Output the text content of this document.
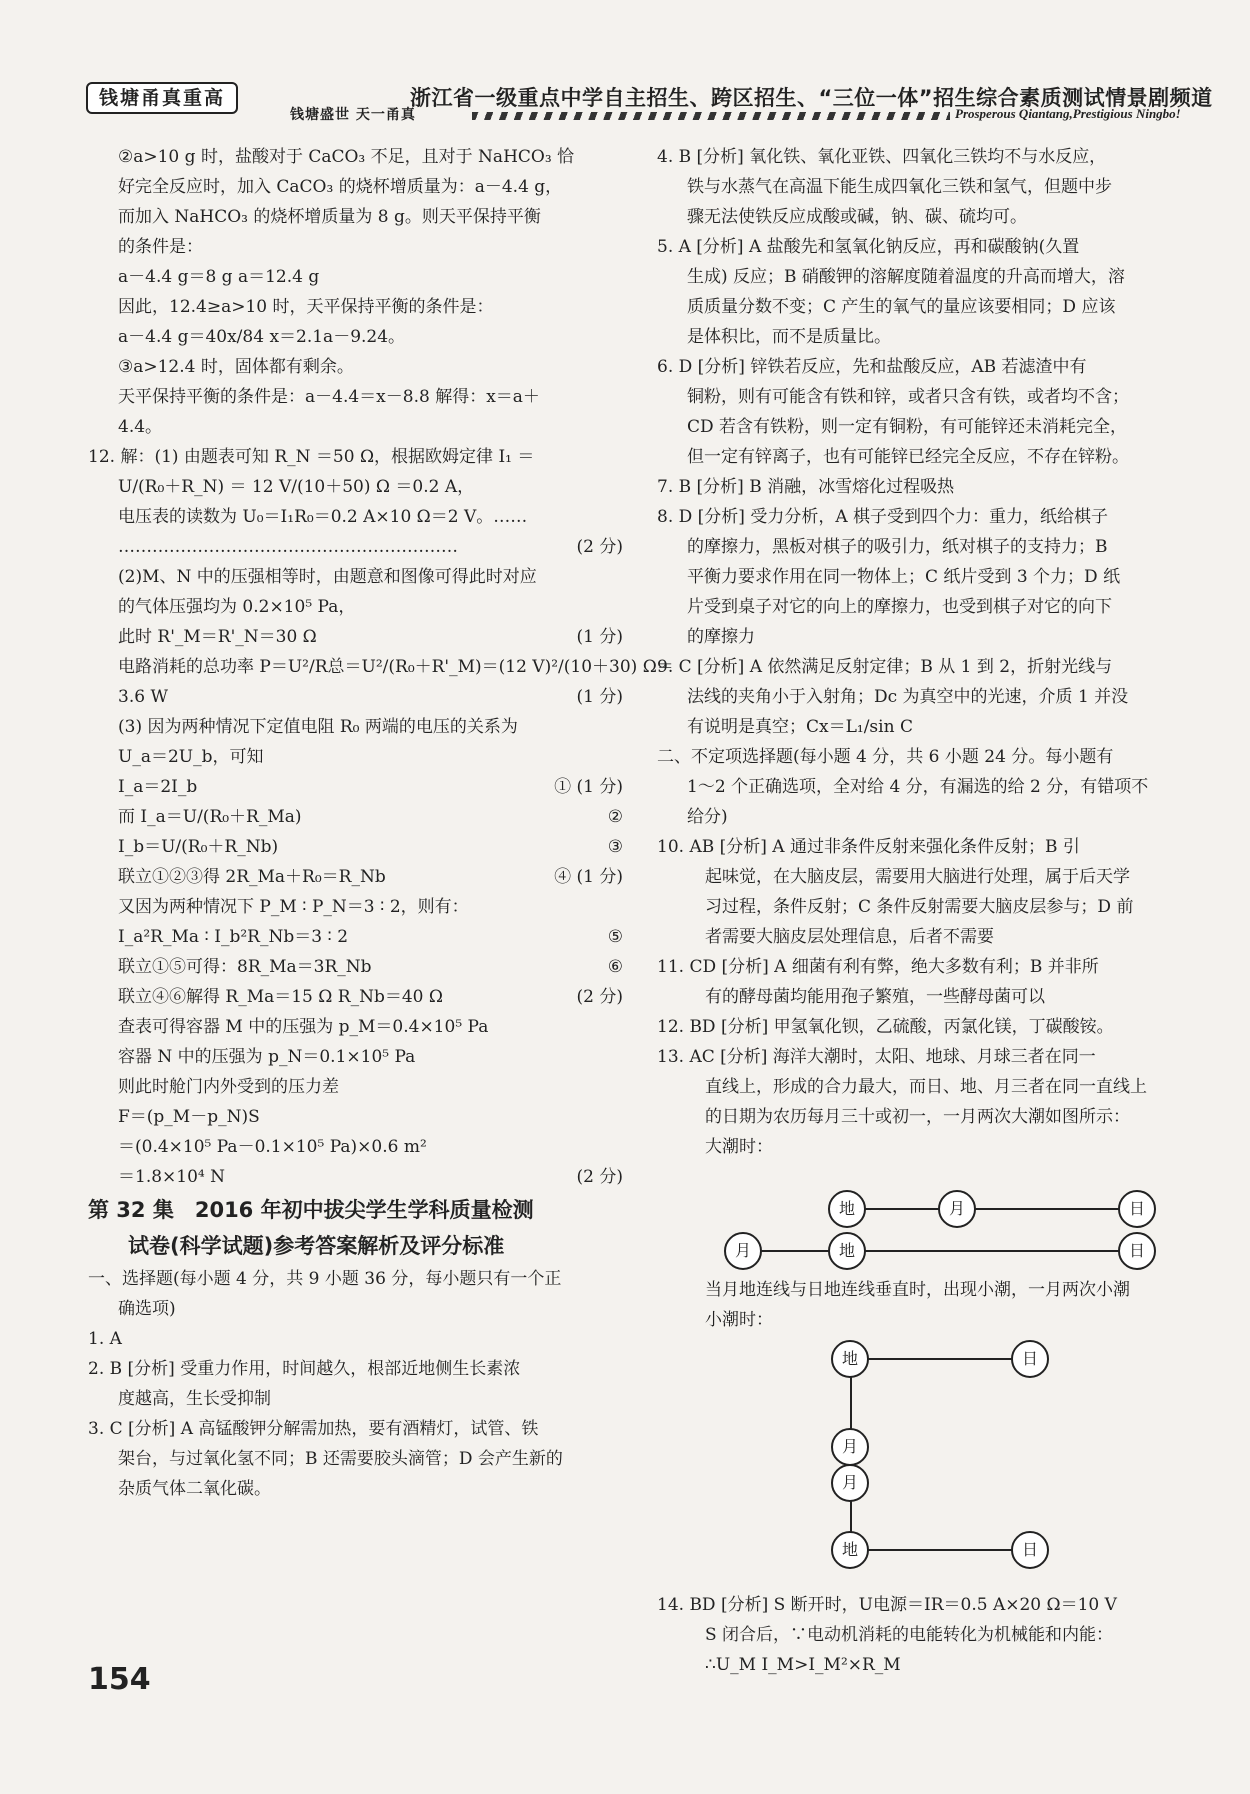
钱塘甬真重高	浙江省一级重点中学自主招生、跨区招生、“三位一体”招生综合素质测试情景剧频道
钱塘盛世 天一甬真	Prosperous Qiantang,Prestigious Ningbo!
②a>10 g 时，盐酸对于 CaCO₃ 不足，且对于 NaHCO₃ 恰
好完全反应时，加入 CaCO₃ 的烧杯增质量为：a－4.4 g，
而加入 NaHCO₃ 的烧杯增质量为 8 g。则天平保持平衡
的条件是：
a－4.4 g＝8 g a＝12.4 g
因此，12.4≥a>10 时，天平保持平衡的条件是：
a－4.4 g＝40x/84 x＝2.1a－9.24。
③a>12.4 时，固体都有剩余。
天平保持平衡的条件是：a－4.4＝x－8.8 解得：x＝a＋
4.4。
12. 解：(1) 由题表可知 R_N ＝50 Ω，根据欧姆定律 I₁ ＝
U/(R₀＋R_N) ＝ 12 V/(10＋50) Ω ＝0.2 A，
电压表的读数为 U₀＝I₁R₀＝0.2 A×10 Ω＝2 V。……
……………………………………………………	(2 分)
(2)M、N 中的压强相等时，由题意和图像可得此时对应
的气体压强均为 0.2×10⁵ Pa，
此时 R'_M＝R'_N＝30 Ω	(1 分)
电路消耗的总功率 P＝U²/R总＝U²/(R₀＋R'_M)＝(12 V)²/(10＋30) Ω＝
3.6 W	(1 分)
(3) 因为两种情况下定值电阻 R₀ 两端的电压的关系为
U_a＝2U_b，可知
I_a＝2I_b	① (1 分)
而 I_a＝U/(R₀＋R_Ma)	②
I_b＝U/(R₀＋R_Nb)	③
联立①②③得 2R_Ma＋R₀＝R_Nb	④ (1 分)
又因为两种情况下 P_M ∶ P_N＝3 ∶ 2，则有：
I_a²R_Ma ∶ I_b²R_Nb＝3 ∶ 2	⑤
联立①⑤可得：8R_Ma＝3R_Nb	⑥
联立④⑥解得 R_Ma＝15 Ω R_Nb＝40 Ω	(2 分)
查表可得容器 M 中的压强为 p_M＝0.4×10⁵ Pa
容器 N 中的压强为 p_N＝0.1×10⁵ Pa
则此时舱门内外受到的压力差
F＝(p_M－p_N)S
＝(0.4×10⁵ Pa－0.1×10⁵ Pa)×0.6 m²
＝1.8×10⁴ N	(2 分)
第 32 集　2016 年初中拔尖学生学科质量检测
试卷(科学试题)参考答案解析及评分标准
一、选择题(每小题 4 分，共 9 小题 36 分，每小题只有一个正
确选项)
1. A
2. B [分析] 受重力作用，时间越久，根部近地侧生长素浓
度越高，生长受抑制
3. C [分析] A 高锰酸钾分解需加热，要有酒精灯，试管、铁
架台，与过氧化氢不同；B 还需要胶头滴管；D 会产生新的
杂质气体二氧化碳。
4. B [分析] 氧化铁、氧化亚铁、四氧化三铁均不与水反应，
铁与水蒸气在高温下能生成四氧化三铁和氢气，但题中步
骤无法使铁反应成酸或碱，钠、碳、硫均可。
5. A [分析] A 盐酸先和氢氧化钠反应，再和碳酸钠(久置
生成) 反应；B 硝酸钾的溶解度随着温度的升高而增大，溶
质质量分数不变；C 产生的氧气的量应该要相同；D 应该
是体积比，而不是质量比。
6. D [分析] 锌铁若反应，先和盐酸反应，AB 若滤渣中有
铜粉，则有可能含有铁和锌，或者只含有铁，或者均不含；
CD 若含有铁粉，则一定有铜粉，有可能锌还未消耗完全，
但一定有锌离子，也有可能锌已经完全反应，不存在锌粉。
7. B [分析] B 消融，冰雪熔化过程吸热
8. D [分析] 受力分析，A 棋子受到四个力：重力，纸给棋子
的摩擦力，黑板对棋子的吸引力，纸对棋子的支持力；B
平衡力要求作用在同一物体上；C 纸片受到 3 个力；D 纸
片受到桌子对它的向上的摩擦力，也受到棋子对它的向下
的摩擦力
9. C [分析] A 依然满足反射定律；B 从 1 到 2，折射光线与
法线的夹角小于入射角；Dc 为真空中的光速，介质 1 并没
有说明是真空；Cx＝L₁/sin C
二、不定项选择题(每小题 4 分，共 6 小题 24 分。每小题有
1～2 个正确选项，全对给 4 分，有漏选的给 2 分，有错项不
给分)
10. AB [分析] A 通过非条件反射来强化条件反射；B 引
起味觉，在大脑皮层，需要用大脑进行处理，属于后天学
习过程，条件反射；C 条件反射需要大脑皮层参与；D 前
者需要大脑皮层处理信息，后者不需要
11. CD [分析] A 细菌有利有弊，绝大多数有利；B 并非所
有的酵母菌均能用孢子繁殖，一些酵母菌可以
12. BD [分析] 甲氢氧化钡，乙硫酸，丙氯化镁，丁碳酸铵。
13. AC [分析] 海洋大潮时，太阳、地球、月球三者在同一
直线上，形成的合力最大，而日、地、月三者在同一直线上
的日期为农历每月三十或初一，一月两次大潮如图所示：
大潮时：
地	月	日
月	地	日
当月地连线与日地连线垂直时，出现小潮，一月两次小潮
小潮时：
地	日
月
月
地	日
14. BD [分析] S 断开时，U电源＝IR＝0.5 A×20 Ω＝10 V
S 闭合后，∵电动机消耗的电能转化为机械能和内能：
∴U_M I_M>I_M²×R_M
154
